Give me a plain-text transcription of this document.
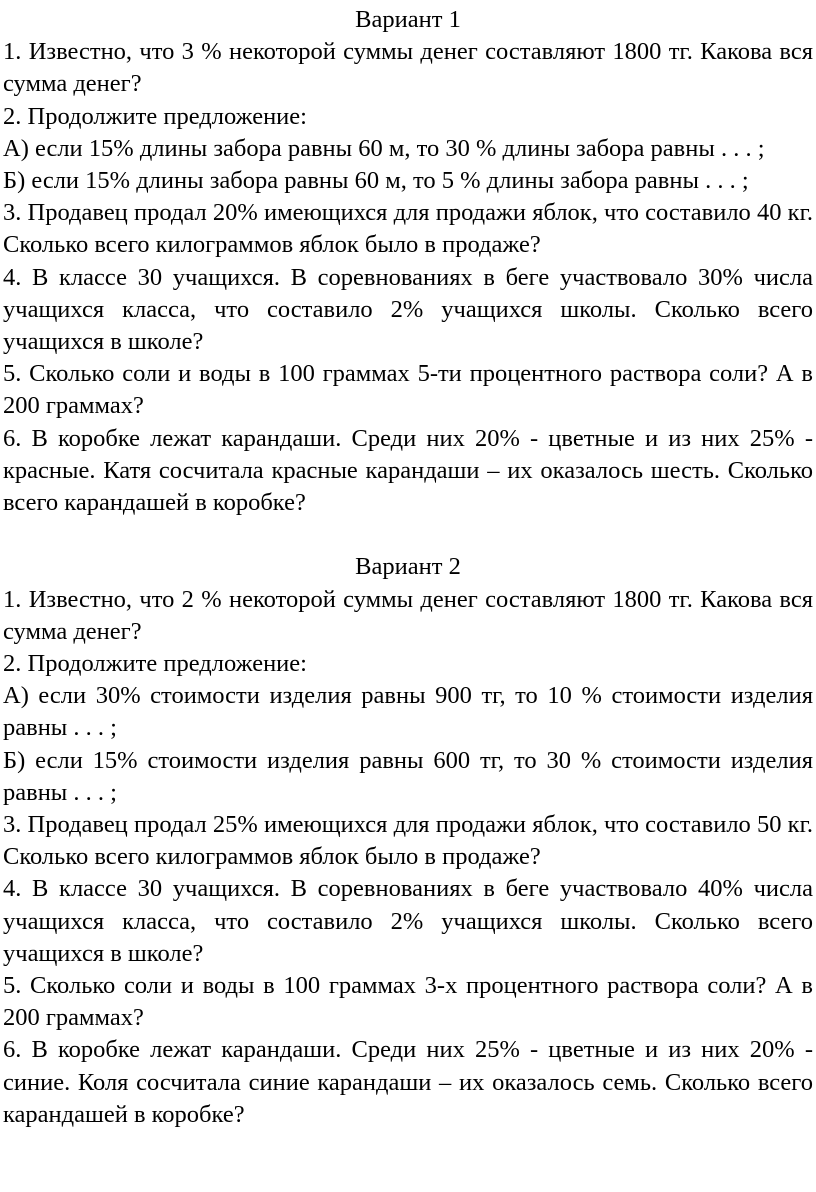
Вариант 1

1. Известно, что 3 % некоторой суммы денег составляют 1800 тг. Какова вся сумма денег?

2. Продолжите предложение:

А) если 15% длины забора равны 60 м, то 30 % длины забора равны . . . ;

Б) если 15% длины забора равны 60 м, то 5 % длины забора равны . . . ;

3. Продавец продал 20% имеющихся для продажи яблок, что составило 40 кг. Сколько всего килограммов яблок было в продаже?

4. В классе 30 учащихся. В соревнованиях в беге участвовало 30% числа учащихся класса, что составило 2% учащихся школы. Сколько всего учащихся в школе?

5. Сколько соли и воды в 100 граммах 5-ти процентного раствора соли? А в 200 граммах?

6. В коробке лежат карандаши. Среди них 20% - цветные и из них 25% - красные. Катя сосчитала красные карандаши – их оказалось шесть. Сколько всего карандашей в коробке?

Вариант 2

1. Известно, что 2 % некоторой суммы денег составляют 1800 тг. Какова вся сумма денег?

2. Продолжите предложение:

А) если 30% стоимости изделия равны 900 тг, то 10 % стоимости изделия равны . . . ;

Б) если 15% стоимости изделия равны 600 тг, то 30 % стоимости изделия равны . . . ;

3. Продавец продал 25% имеющихся для продажи яблок, что составило 50 кг. Сколько всего килограммов яблок было в продаже?

4. В классе 30 учащихся. В соревнованиях в беге участвовало 40% числа учащихся класса, что составило 2% учащихся школы. Сколько всего учащихся в школе?

5. Сколько соли и воды в 100 граммах 3-х процентного раствора соли? А в 200 граммах?

6. В коробке лежат карандаши. Среди них 25% - цветные и из них 20% - синие. Коля сосчитала синие карандаши – их оказалось семь. Сколько всего карандашей в коробке?
